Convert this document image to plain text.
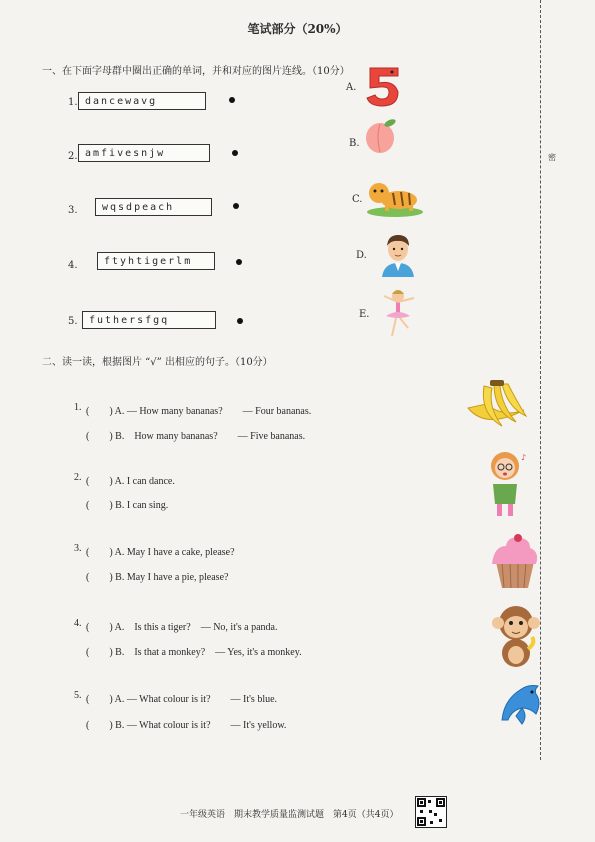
密
笔试部分（20%）
一、在下面字母群中圈出正确的单词，并和对应的图片连线。（10分）
1. dancewavg
2. amfivesnjw
3.	wqsdpeach
4.	ftyhtigerlm
5.	futhersfgq
A.
B.
C.
D.
E.
二、读一读，根据图片 “√” 出相应的句子。（10分）
1. (　　) A. — How many bananas?　　— Four bananas.
(　　) B.　How many bananas?　　— Five bananas.
2. (　　) A. I can dance.
(　　) B. I can sing.
3. (　　) A. May I have a cake, please?
(　　) B. May I have a pie, please?
4. (　　) A.　Is this a tiger?　— No, it's a panda.
(　　) B.　Is that a monkey?　— Yes, it's a monkey.
5. (　　) A. — What colour is it?　　— It's blue.
(　　) B. — What colour is it?　　— It's yellow.
♪
一年级英语　期末教学质量监测试题　第4页（共4页）
